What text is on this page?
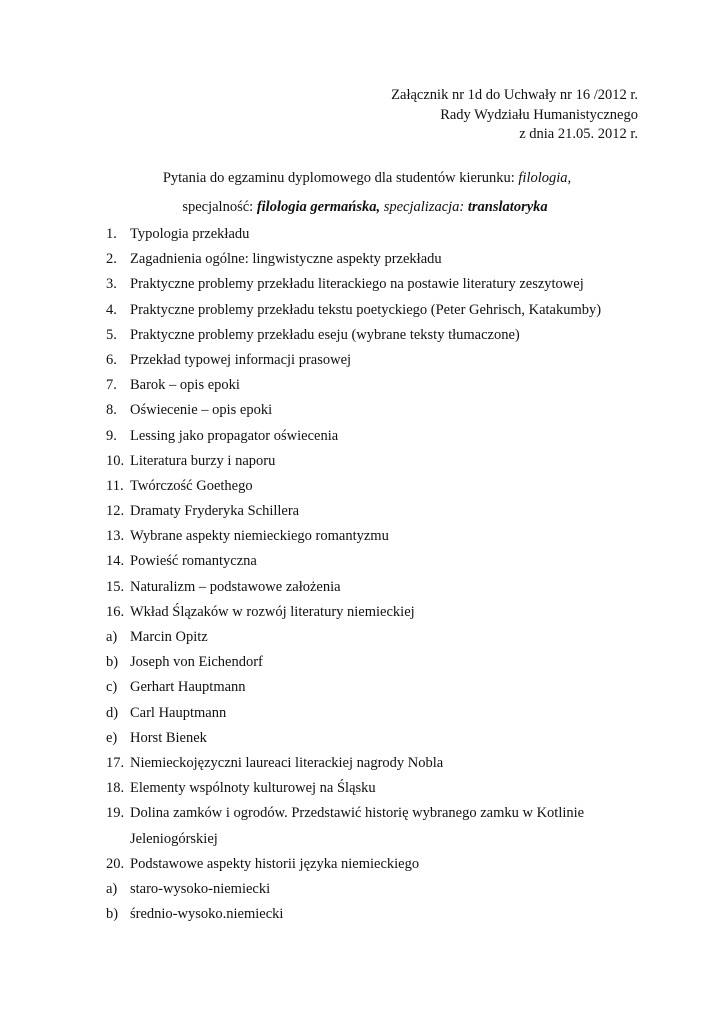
Załącznik nr 1d do Uchwały nr 16 /2012 r.
Rady Wydziału Humanistycznego
z dnia 21.05. 2012 r.
Pytania do egzaminu dyplomowego dla studentów kierunku: filologia,
specjalność: filologia germańska, specjalizacja: translatoryka
1. Typologia przekładu
2. Zagadnienia ogólne: lingwistyczne aspekty przekładu
3. Praktyczne problemy przekładu literackiego na postawie literatury zeszytowej
4. Praktyczne problemy przekładu tekstu poetyckiego (Peter Gehrisch, Katakumby)
5. Praktyczne problemy przekładu eseju (wybrane teksty tłumaczone)
6. Przekład typowej informacji prasowej
7. Barok – opis epoki
8. Oświecenie – opis epoki
9. Lessing jako propagator oświecenia
10. Literatura burzy i naporu
11. Twórczość Goethego
12. Dramaty Fryderyka Schillera
13. Wybrane aspekty niemieckiego romantyzmu
14. Powieść romantyczna
15. Naturalizm – podstawowe założenia
16. Wkład Ślązaków w rozwój literatury niemieckiej
a) Marcin Opitz
b) Joseph von Eichendorf
c) Gerhart Hauptmann
d) Carl Hauptmann
e) Horst Bienek
17. Niemieckojęzyczni laureaci literackiej nagrody Nobla
18. Elementy wspólnoty kulturowej na Śląsku
19. Dolina zamków i ogrodów. Przedstawić historię wybranego zamku w Kotlinie
Jeleniogórskiej
20. Podstawowe aspekty historii języka niemieckiego
a) staro-wysoko-niemiecki
b) średnio-wysoko.niemiecki
